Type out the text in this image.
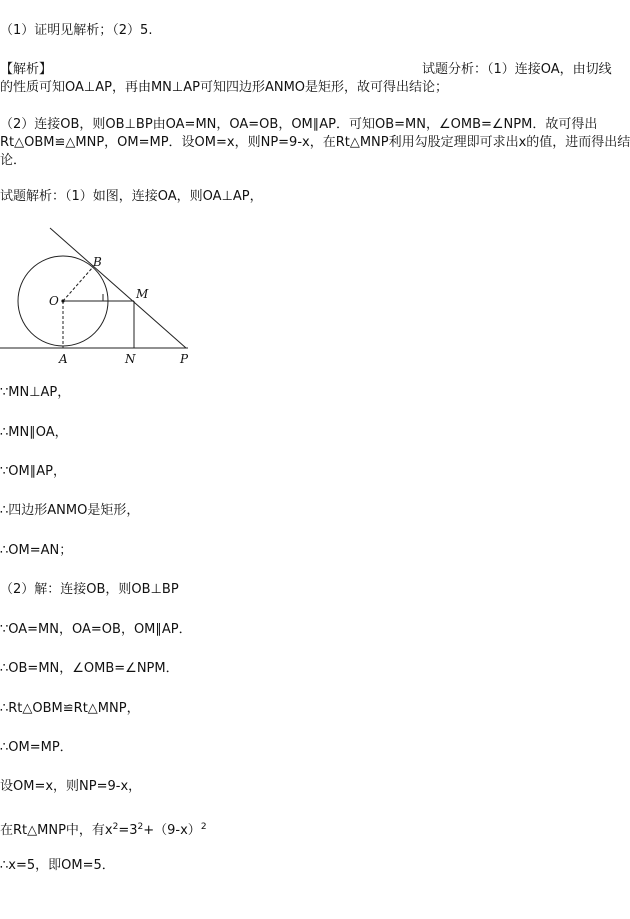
（1）证明见解析；（2）5.
【解析】	试题分析：（1）连接OA，由切线
的性质可知OA⊥AP，再由MN⊥AP可知四边形ANMO是矩形，故可得出结论；
（2）连接OB，则OB⊥BP由OA=MN，OA=OB，OM∥AP．可知OB=MN，∠OMB=∠NPM．故可得出
Rt△OBM≌△MNP，OM=MP．设OM=x，则NP=9-x，在Rt△MNP利用勾股定理即可求出x的值，进而得出结
论．
试题解析：（1）如图，连接OA，则OA⊥AP，
O
B
M
A	N	P
∵MN⊥AP，
∴MN∥OA，
∵OM∥AP，
∴四边形ANMO是矩形，
∴OM=AN；
（2）解：连接OB，则OB⊥BP
∵OA=MN，OA=OB，OM∥AP．
∴OB=MN，∠OMB=∠NPM．
∴Rt△OBM≌Rt△MNP，
∴OM=MP．
设OM=x，则NP=9-x，
在Rt△MNP中，有$x^2=3^2+(9-x)^2$
∴x=5，即OM=5．
